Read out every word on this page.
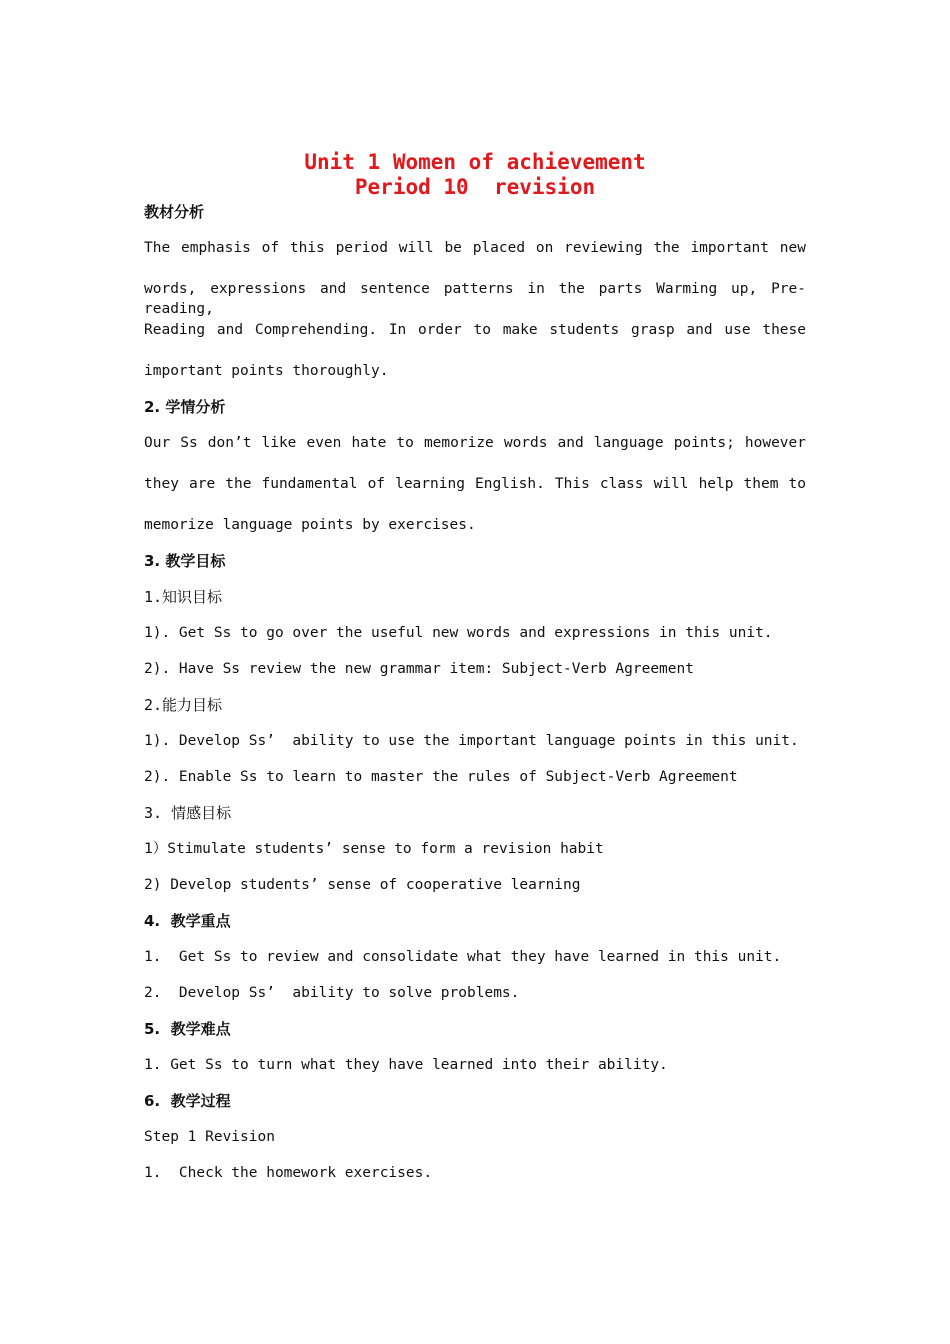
Unit 1 Women of achievement
Period 10  revision
教材分析
The emphasis of this period will be placed on reviewing the important new
words, expressions and sentence patterns in the parts Warming up, Pre-reading,
Reading and Comprehending. In order to make students grasp and use these
important points thoroughly.
2. 学情分析
Our Ss don’t like even hate to memorize words and language points; however
they are the fundamental of learning English. This class will help them to
memorize language points by exercises.
3. 教学目标
1.知识目标
1). Get Ss to go over the useful new words and expressions in this unit.
2). Have Ss review the new grammar item: Subject-Verb Agreement
2.能力目标
1). Develop Ss’  ability to use the important language points in this unit.
2). Enable Ss to learn to master the rules of Subject-Verb Agreement
3. 情感目标
1）Stimulate students’ sense to form a revision habit
2) Develop students’ sense of cooperative learning
4.  教学重点
1.  Get Ss to review and consolidate what they have learned in this unit.
2.  Develop Ss’  ability to solve problems.
5.  教学难点
1. Get Ss to turn what they have learned into their ability.
6.  教学过程
Step 1 Revision
1.  Check the homework exercises.
